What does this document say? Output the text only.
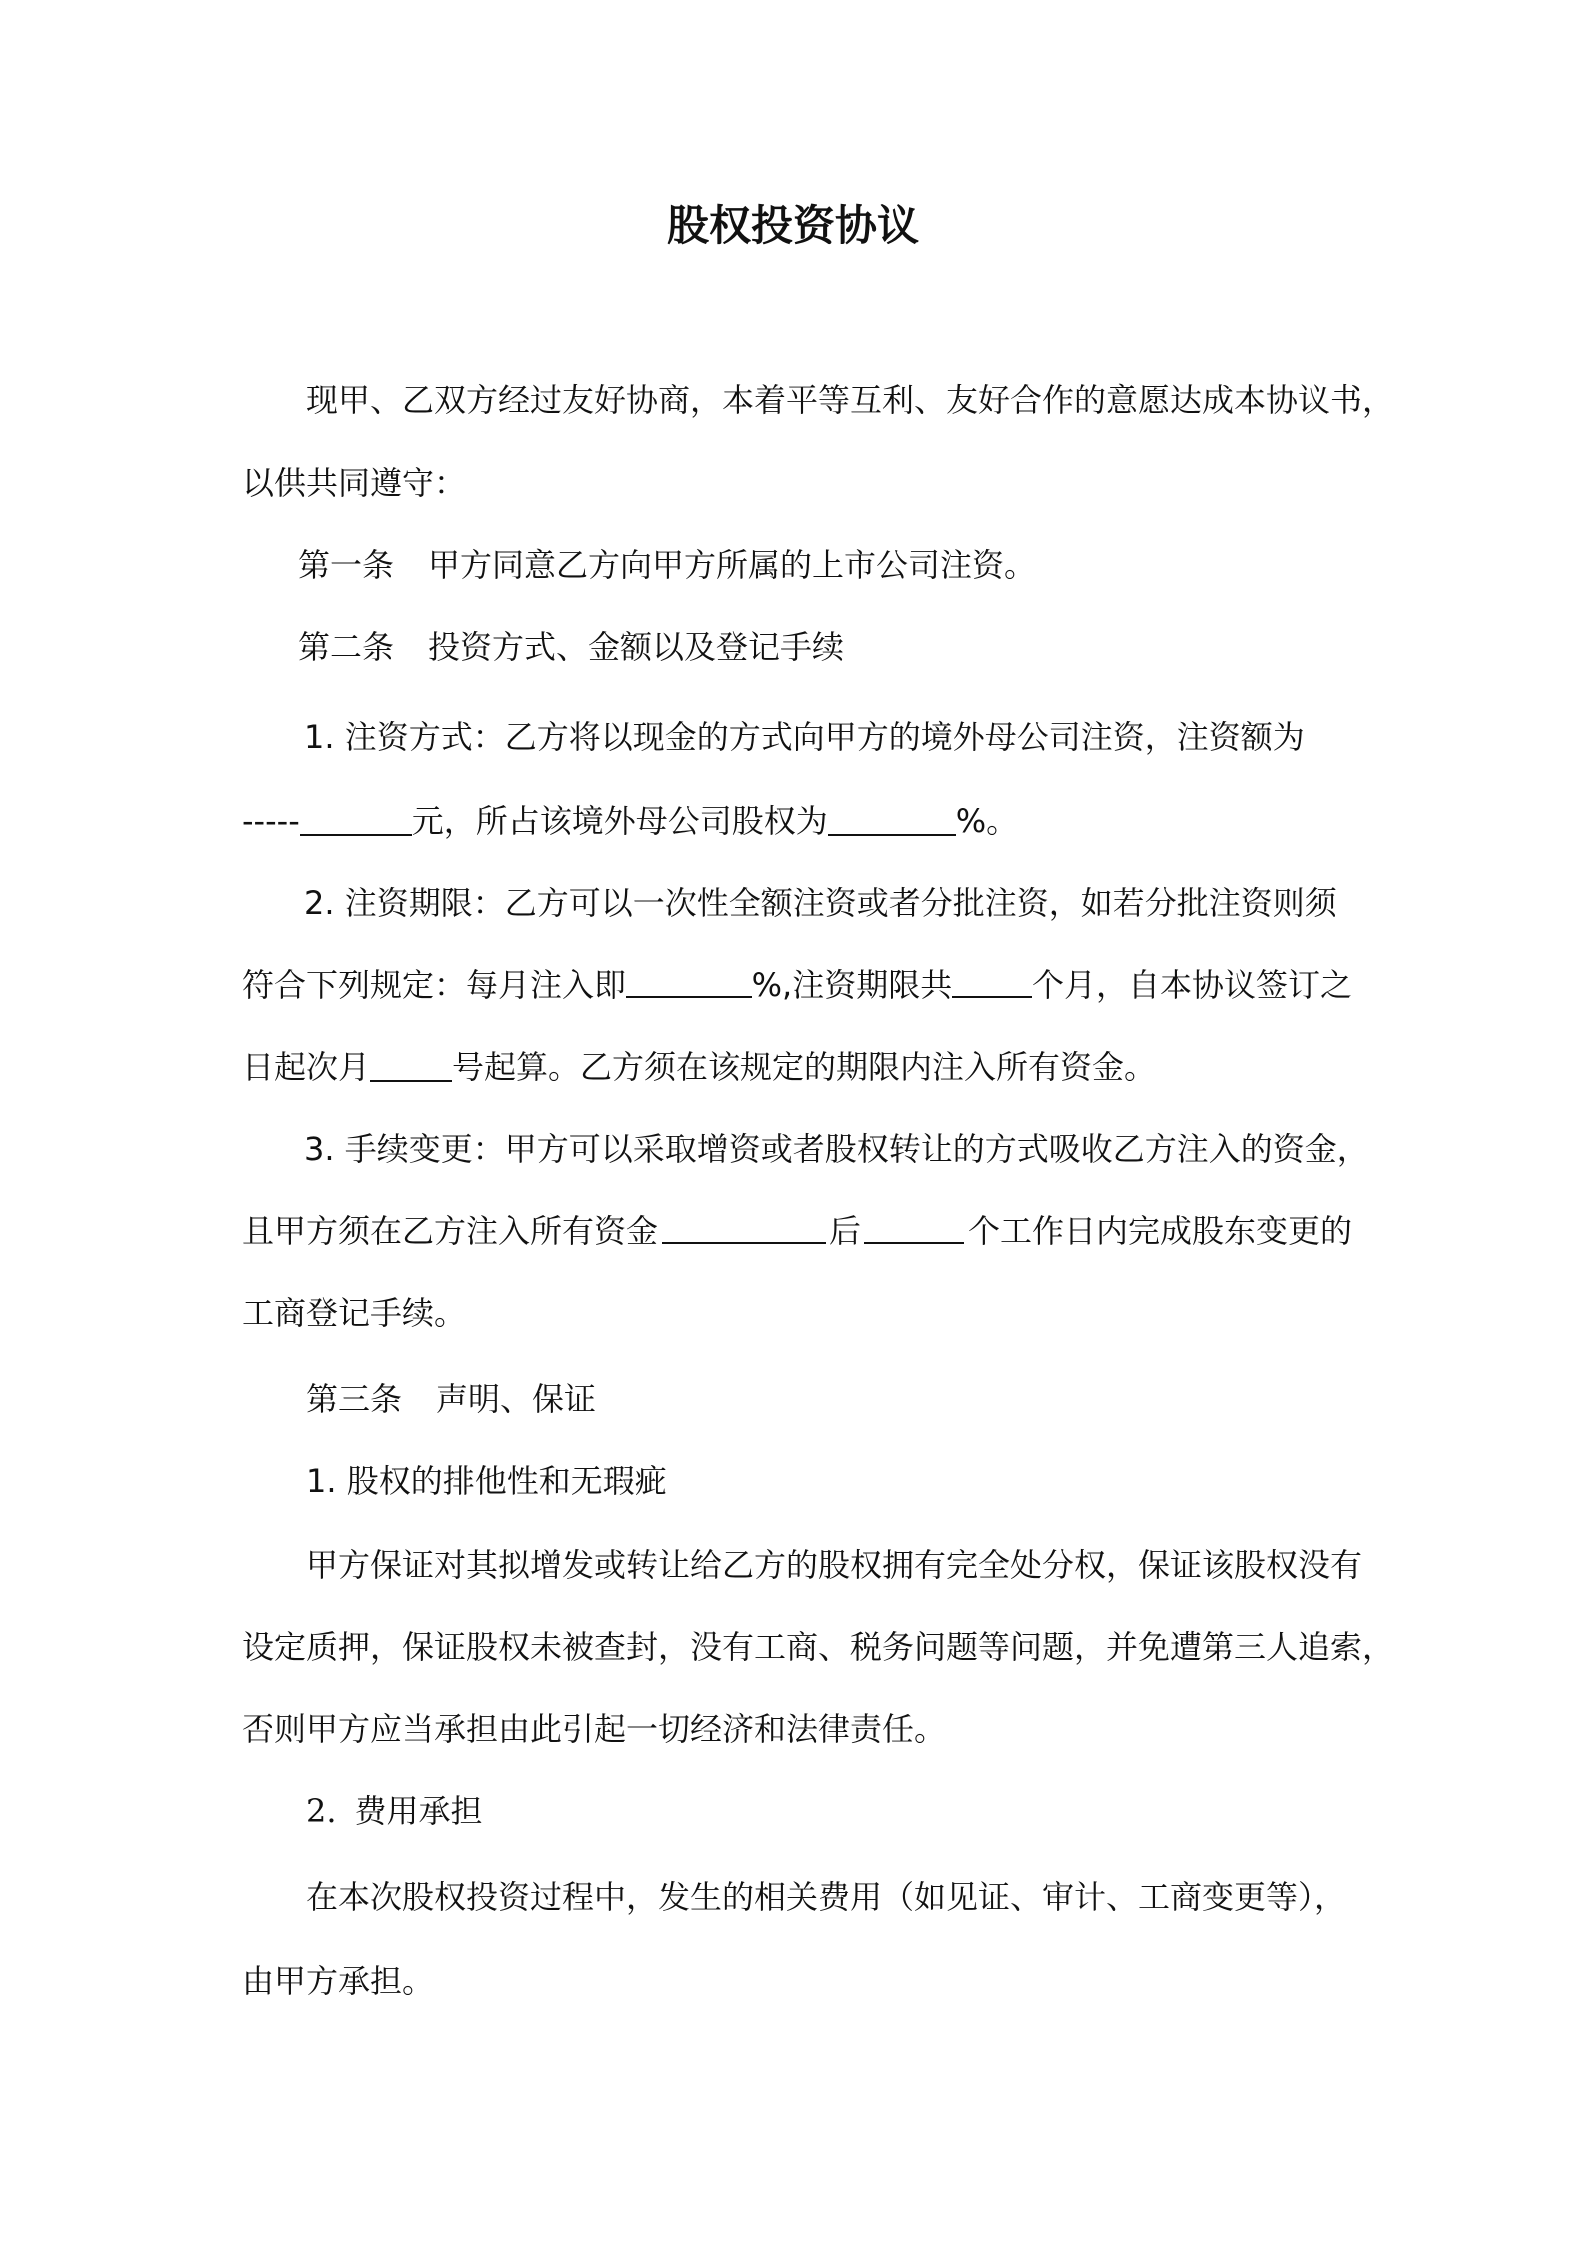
股权投资协议
现甲、乙双方经过友好协商，本着平等互利、友好合作的意愿达成本协议书，
以供共同遵守：
第一条 甲方同意乙方向甲方所属的上市公司注资。
第二条 投资方式、金额以及登记手续
1. 注资方式：乙方将以现金的方式向甲方的境外母公司注资，注资额为
-----	元，所占该境外母公司股权为	%。
2. 注资期限：乙方可以一次性全额注资或者分批注资，如若分批注资则须
符合下列规定：每月注入即	%,注资期限共 个月，自本协议签订之
日起次月	号起算。乙方须在该规定的期限内注入所有资金。
3. 手续变更：甲方可以采取增资或者股权转让的方式吸收乙方注入的资金，
且甲方须在乙方注入所有资金	后	个工作日内完成股东变更的
工商登记手续。
第三条 声明、保证
1. 股权的排他性和无瑕疵
甲方保证对其拟增发或转让给乙方的股权拥有完全处分权，保证该股权没有
设定质押，保证股权未被查封，没有工商、税务问题等问题，并免遭第三人追索，
否则甲方应当承担由此引起一切经济和法律责任。
2. 费用承担
在本次股权投资过程中，发生的相关费用（如见证、审计、工商变更等），
由甲方承担。
